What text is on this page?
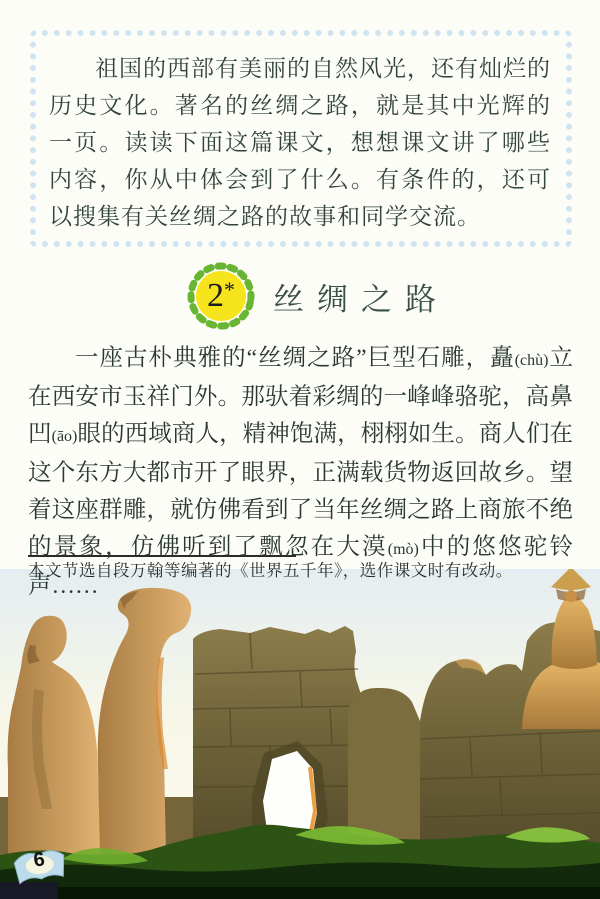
祖国的西部有美丽的自然风光，还有灿烂的历史文化。著名的丝绸之路，就是其中光辉的一页。读读下面这篇课文，想想课文讲了哪些内容，你从中体会到了什么。有条件的，还可以搜集有关丝绸之路的故事和同学交流。
2* 丝绸之路
一座古朴典雅的“丝绸之路”巨型石雕，矗(chù)立在西安市玉祥门外。那驮着彩绸的一峰峰骆驼，高鼻凹(āo)眼的西域商人，精神饱满，栩栩如生。商人们在这个东方大都市开了眼界，正满载货物返回故乡。望着这座群雕，就仿佛看到了当年丝绸之路上商旅不绝的景象，仿佛听到了飘忽在大漠(mò)中的悠悠驼铃声……
本文节选自段万翰等编著的《世界五千年》，选作课文时有改动。
6
